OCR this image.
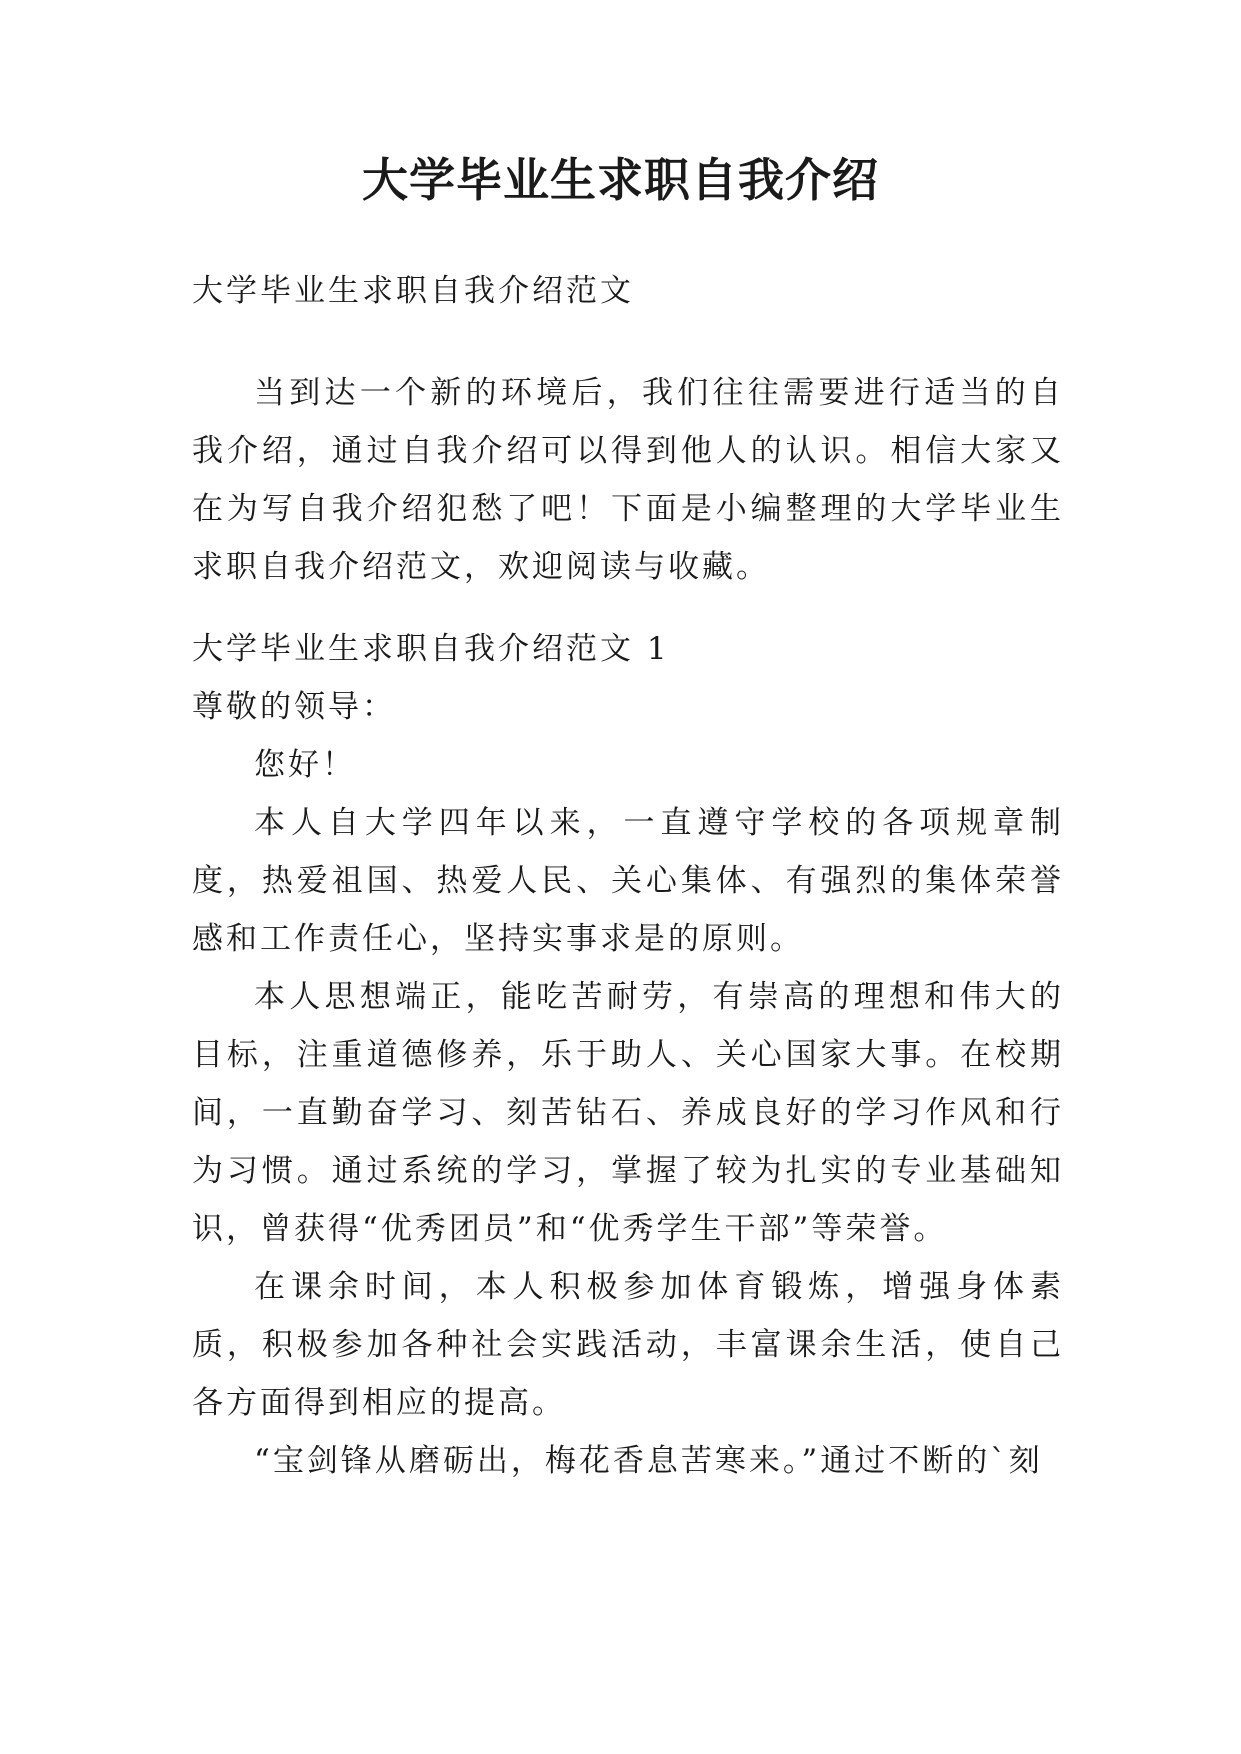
大学毕业生求职自我介绍

大学毕业生求职自我介绍范文

当到达一个新的环境后，我们往往需要进行适当的自我介绍，通过自我介绍可以得到他人的认识。相信大家又在为写自我介绍犯愁了吧！下面是小编整理的大学毕业生求职自我介绍范文，欢迎阅读与收藏。

大学毕业生求职自我介绍范文 1

尊敬的领导：

您好！

本人自大学四年以来，一直遵守学校的各项规章制度，热爱祖国、热爱人民、关心集体、有强烈的集体荣誉感和工作责任心，坚持实事求是的原则。

本人思想端正，能吃苦耐劳，有崇高的理想和伟大的目标，注重道德修养，乐于助人、关心国家大事。在校期间，一直勤奋学习、刻苦钻石、养成良好的学习作风和行为习惯。通过系统的学习，掌握了较为扎实的专业基础知识，曾获得“优秀团员”和“优秀学生干部”等荣誉。

在课余时间，本人积极参加体育锻炼，增强身体素质，积极参加各种社会实践活动，丰富课余生活，使自己各方面得到相应的提高。

“宝剑锋从磨砺出，梅花香息苦寒来。”通过不断的`刻
